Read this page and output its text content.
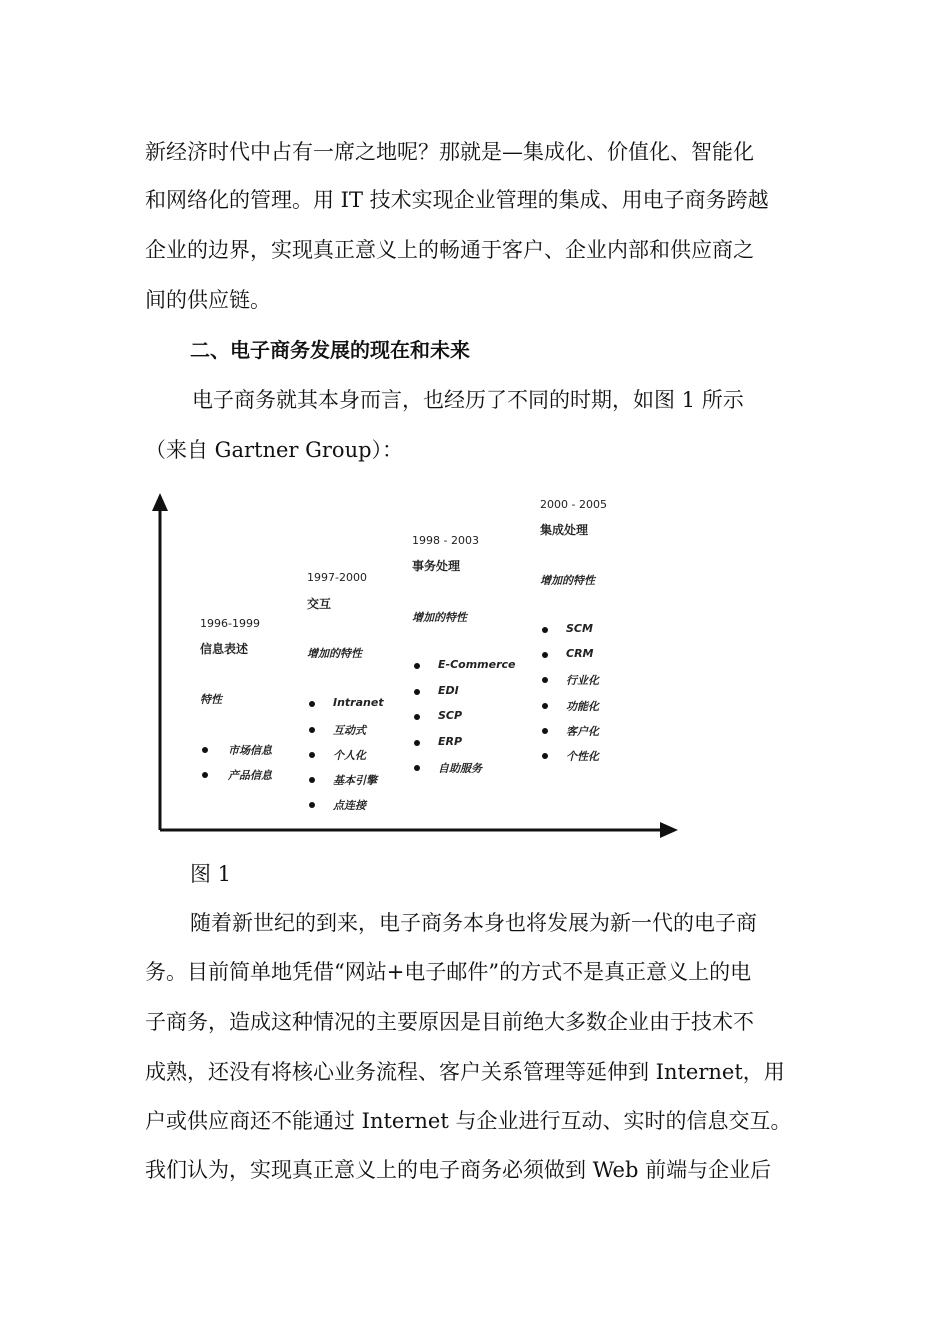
新经济时代中占有一席之地呢？那就是—集成化、价值化、智能化
和网络化的管理。用 IT 技术实现企业管理的集成、用电子商务跨越
企业的边界，实现真正意义上的畅通于客户、企业内部和供应商之
间的供应链。
二、电子商务发展的现在和未来
电子商务就其本身而言，也经历了不同的时期，如图 1 所示
（来自 Gartner Group）：
1996-1999
信息表述
特性
市场信息
产品信息
1997-2000
交互
增加的特性
Intranet
互动式
个人化
基本引擎
点连接
1998 - 2003
事务处理
增加的特性
E-Commerce
EDI
SCP
ERP
自助服务
2000 - 2005
集成处理
增加的特性
SCM
CRM
行业化
功能化
客户化
个性化
图 1
随着新世纪的到来，电子商务本身也将发展为新一代的电子商
务。目前简单地凭借“网站+电子邮件”的方式不是真正意义上的电
子商务，造成这种情况的主要原因是目前绝大多数企业由于技术不
成熟，还没有将核心业务流程、客户关系管理等延伸到 Internet，用
户或供应商还不能通过 Internet 与企业进行互动、实时的信息交互。
我们认为，实现真正意义上的电子商务必须做到 Web 前端与企业后
